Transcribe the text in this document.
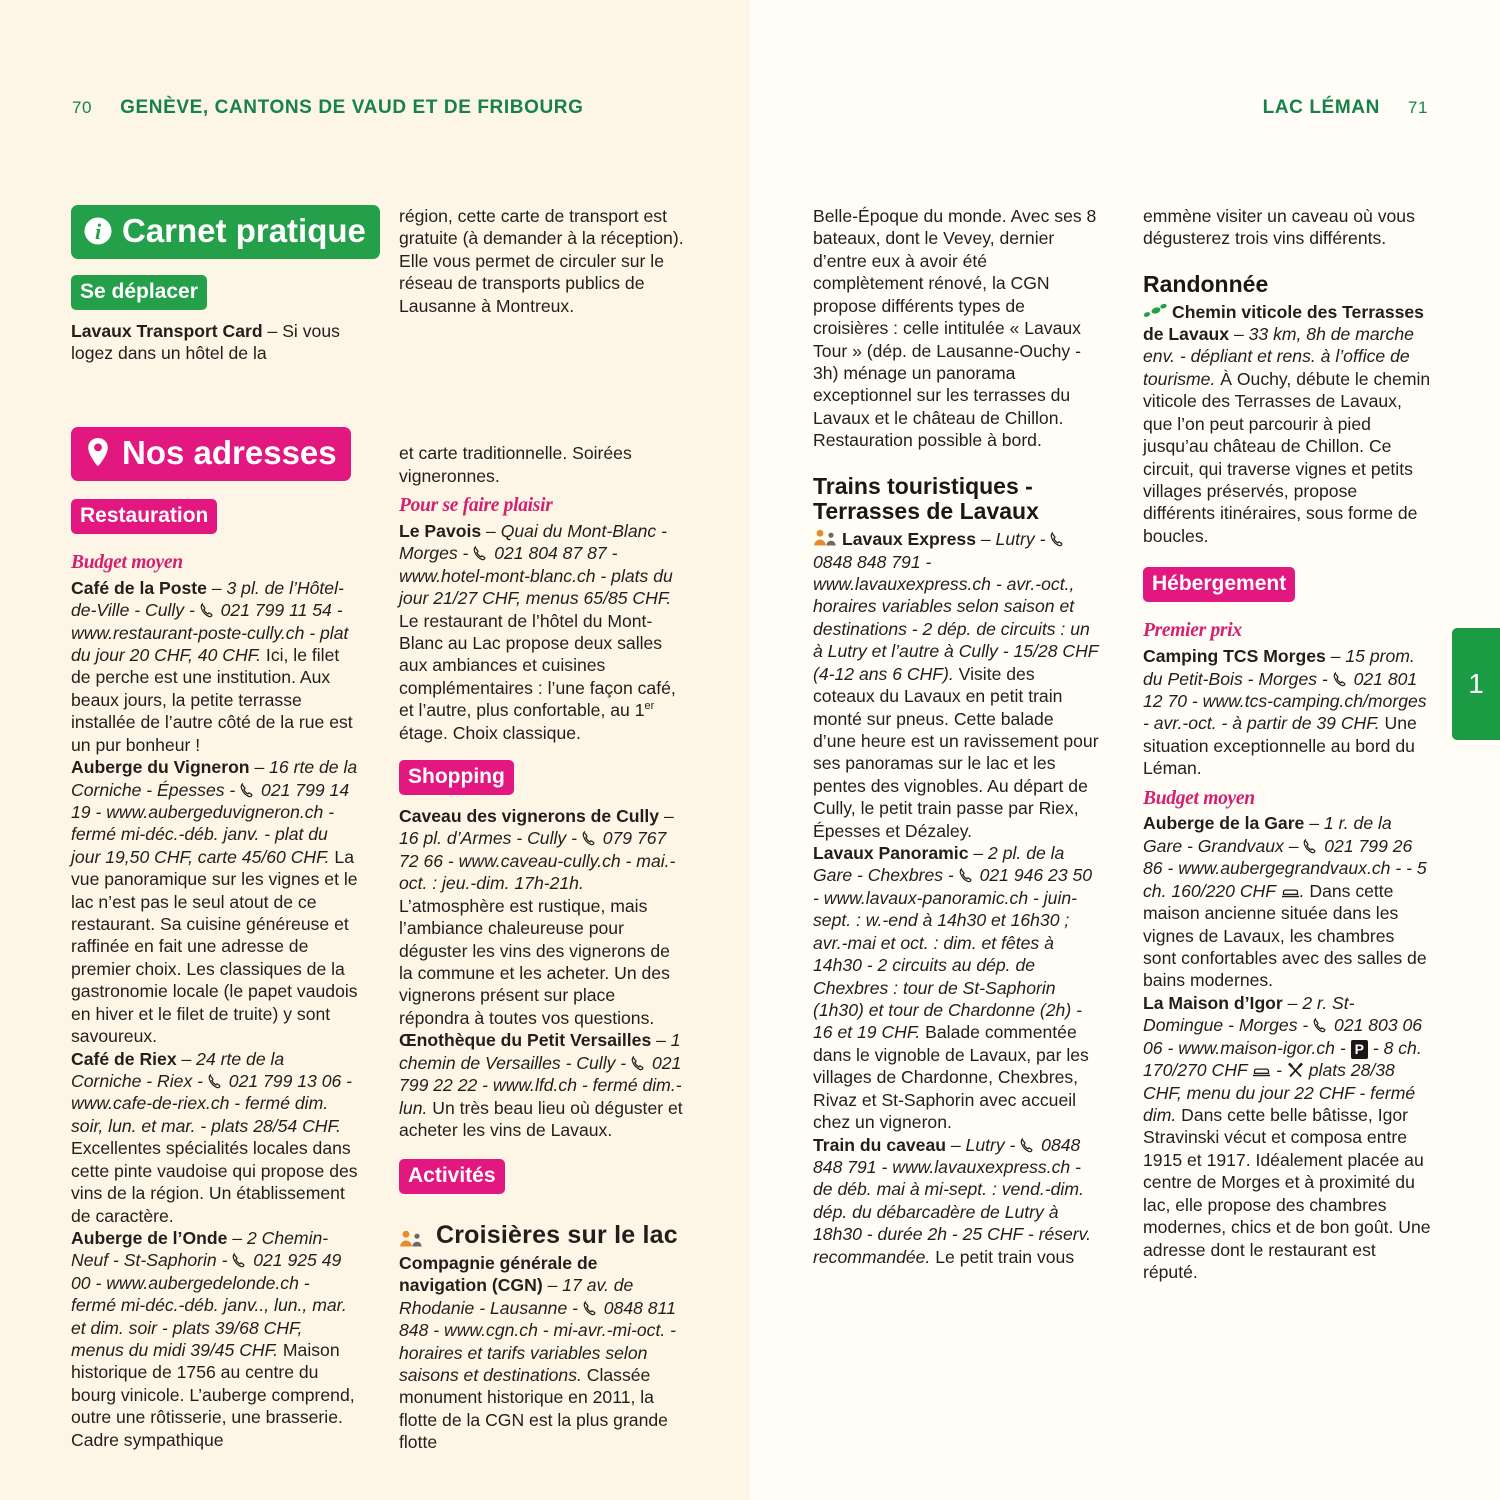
70 GENÈVE, CANTONS DE VAUD ET DE FRIBOURG	LAC LÉMAN 71
1
i Carnet pratique
Se déplacer

Lavaux Transport Card – Si vous logez dans un hôtel de la

Nos adresses
Restauration
Budget moyen

Café de la Poste – 3 pl. de l’Hôtel-de-Ville - Cully -  021 799 11 54 - www.restaurant-poste-cully.ch - plat du jour 20 CHF, 40 CHF. Ici, le filet de perche est une institution. Aux beaux jours, la petite terrasse installée de l’autre côté de la rue est un pur bonheur !

Auberge du Vigneron – 16 rte de la Corniche - Épesses -  021 799 14 19 - www.aubergeduvigneron.ch - fermé mi-déc.-déb. janv. - plat du jour 19,50 CHF, carte 45/60 CHF. La vue panoramique sur les vignes et le lac n’est pas le seul atout de ce restaurant. Sa cuisine généreuse et raffinée en fait une adresse de premier choix. Les classiques de la gastronomie locale (le papet vaudois en hiver et le filet de truite) y sont savoureux.

Café de Riex – 24 rte de la Corniche - Riex -  021 799 13 06 - www.cafe-de-riex.ch - fermé dim. soir, lun. et mar. - plats 28/54 CHF. Excellentes spécialités locales dans cette pinte vaudoise qui propose des vins de la région. Un établissement de caractère.

Auberge de l’Onde – 2 Chemin-Neuf - St-Saphorin -  021 925 49 00 - www.aubergedelonde.ch - fermé mi-déc.-déb. janv.., lun., mar. et dim. soir - plats 39/68 CHF, menus du midi 39/45 CHF. Maison historique de 1756 au centre du bourg vinicole. L’auberge comprend, outre une rôtisserie, une brasserie. Cadre sympathique

région, cette carte de transport est gratuite (à demander à la réception). Elle vous permet de circuler sur le réseau de transports publics de Lausanne à Montreux.

et carte traditionnelle. Soirées vigneronnes.

Pour se faire plaisir

Le Pavois – Quai du Mont-Blanc - Morges -  021 804 87 87 - www.hotel-mont-blanc.ch - plats du jour 21/27 CHF, menus 65/85 CHF. Le restaurant de l’hôtel du Mont-Blanc au Lac propose deux salles aux ambiances et cuisines complémentaires : l’une façon café, et l’autre, plus confortable, au 1er étage. Choix classique.

Shopping

Caveau des vignerons de Cully – 16 pl. d’Armes - Cully -  079 767 72 66 - www.caveau-cully.ch - mai.-oct. : jeu.-dim. 17h-21h. L’atmosphère est rustique, mais l’ambiance chaleureuse pour déguster les vins des vignerons de la commune et les acheter. Un des vignerons présent sur place répondra à toutes vos questions.

Œnothèque du Petit Versailles – 1 chemin de Versailles - Cully -  021 799 22 22 - www.lfd.ch - fermé dim.-lun. Un très beau lieu où déguster et acheter les vins de Lavaux.

Activités
Croisières sur le lac

Compagnie générale de navigation (CGN) – 17 av. de Rhodanie - Lausanne -  0848 811 848 - www.cgn.ch - mi-avr.-mi-oct. - horaires et tarifs variables selon saisons et destinations. Classée monument historique en 2011, la flotte de la CGN est la plus grande flotte

Belle-Époque du monde. Avec ses 8 bateaux, dont le Vevey, dernier d’entre eux à avoir été complètement rénové, la CGN propose différents types de croisières : celle intitulée « Lavaux Tour » (dép. de Lausanne-Ouchy - 3h) ménage un panorama exceptionnel sur les terrasses du Lavaux et le château de Chillon. Restauration possible à bord.

Trains touristiques - Terrasses de Lavaux

Lavaux Express – Lutry -  0848 848 791 - www.lavauxexpress.ch - avr.-oct., horaires variables selon saison et destinations - 2 dép. de circuits : un à Lutry et l’autre à Cully - 15/28 CHF (4-12 ans 6 CHF). Visite des coteaux du Lavaux en petit train monté sur pneus. Cette balade d’une heure est un ravissement pour ses panoramas sur le lac et les pentes des vignobles. Au départ de Cully, le petit train passe par Riex, Épesses et Dézaley.

Lavaux Panoramic – 2 pl. de la Gare - Chexbres -  021 946 23 50 - www.lavaux-panoramic.ch - juin-sept. : w.-end à 14h30 et 16h30 ; avr.-mai et oct. : dim. et fêtes à 14h30 - 2 circuits au dép. de Chexbres : tour de St-Saphorin (1h30) et tour de Chardonne (2h) - 16 et 19 CHF. Balade commentée dans le vignoble de Lavaux, par les villages de Chardonne, Chexbres, Rivaz et St-Saphorin avec accueil chez un vigneron.

Train du caveau – Lutry -  0848 848 791 - www.lavauxexpress.ch - de déb. mai à mi-sept. : vend.-dim. dép. du débarcadère de Lutry à 18h30 - durée 2h - 25 CHF - réserv. recommandée. Le petit train vous

emmène visiter un caveau où vous dégusterez trois vins différents.

Randonnée

Chemin viticole des Terrasses de Lavaux – 33 km, 8h de marche env. - dépliant et rens. à l’office de tourisme. À Ouchy, débute le chemin viticole des Terrasses de Lavaux, que l’on peut parcourir à pied jusqu’au château de Chillon. Ce circuit, qui traverse vignes et petits villages préservés, propose différents itinéraires, sous forme de boucles.

Hébergement
Premier prix

Camping TCS Morges – 15 prom. du Petit-Bois - Morges -  021 801 12 70 - www.tcs-camping.ch/morges - avr.-oct. - à partir de 39 CHF. Une situation exceptionnelle au bord du Léman.

Budget moyen

Auberge de la Gare – 1 r. de la Gare - Grandvaux –  021 799 26 86 - www.aubergegrandvaux.ch - - 5 ch. 160/220 CHF . Dans cette maison ancienne située dans les vignes de Lavaux, les chambres sont confortables avec des salles de bains modernes.

La Maison d’Igor – 2 r. St-Domingue - Morges -  021 803 06 06 - www.maison-igor.ch - P - 8 ch. 170/270 CHF  -  plats 28/38 CHF, menu du jour 22 CHF - fermé dim. Dans cette belle bâtisse, Igor Stravinski vécut et composa entre 1915 et 1917. Idéalement placée au centre de Morges et à proximité du lac, elle propose des chambres modernes, chics et de bon goût. Une adresse dont le restaurant est réputé.
